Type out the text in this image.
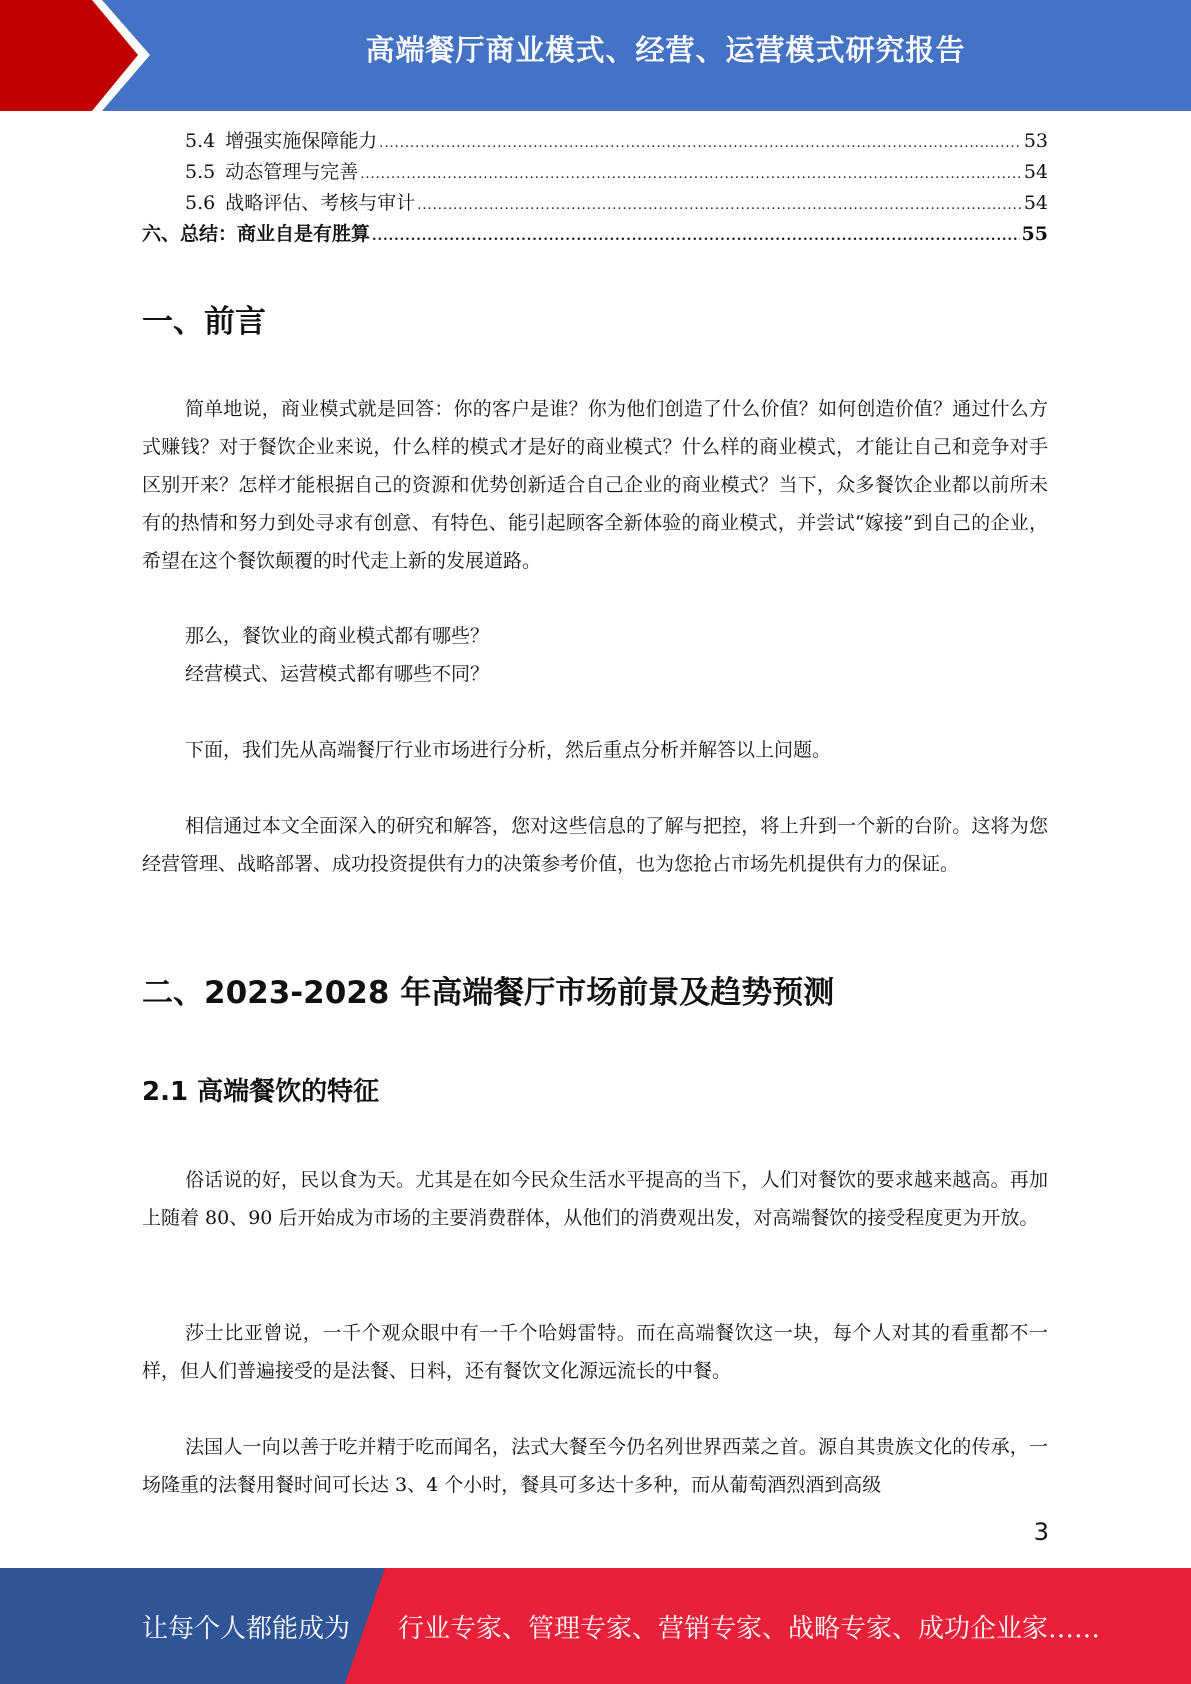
高端餐厅商业模式、经营、运营模式研究报告
5.4 增强实施保障能力 .....	53
5.5 动态管理与完善 .....	54
5.6 战略评估、考核与审计 .....	54
六、总结：商业自是有胜算 .....	55
一、前言

简单地说，商业模式就是回答：你的客户是谁？你为他们创造了什么价值？如何创造价值？通过什么方式赚钱？对于餐饮企业来说，什么样的模式才是好的商业模式？什么样的商业模式，才能让自己和竞争对手区别开来？怎样才能根据自己的资源和优势创新适合自己企业的商业模式？当下，众多餐饮企业都以前所未有的热情和努力到处寻求有创意、有特色、能引起顾客全新体验的商业模式，并尝试“嫁接”到自己的企业，希望在这个餐饮颠覆的时代走上新的发展道路。

那么，餐饮业的商业模式都有哪些？

经营模式、运营模式都有哪些不同？

下面，我们先从高端餐厅行业市场进行分析，然后重点分析并解答以上问题。

相信通过本文全面深入的研究和解答，您对这些信息的了解与把控，将上升到一个新的台阶。这将为您经营管理、战略部署、成功投资提供有力的决策参考价值，也为您抢占市场先机提供有力的保证。

二、2023-2028 年高端餐厅市场前景及趋势预测
2.1 高端餐饮的特征

俗话说的好，民以食为天。尤其是在如今民众生活水平提高的当下，人们对餐饮的要求越来越高。再加上随着 80、90 后开始成为市场的主要消费群体，从他们的消费观出发，对高端餐饮的接受程度更为开放。

莎士比亚曾说，一千个观众眼中有一千个哈姆雷特。而在高端餐饮这一块，每个人对其的看重都不一样，但人们普遍接受的是法餐、日料，还有餐饮文化源远流长的中餐。

法国人一向以善于吃并精于吃而闻名，法式大餐至今仍名列世界西菜之首。源自其贵族文化的传承，一场隆重的法餐用餐时间可长达 3、4 个小时，餐具可多达十多种，而从葡萄酒烈酒到高级

3
让每个人都能成为 行业专家、管理专家、营销专家、战略专家、成功企业家……
